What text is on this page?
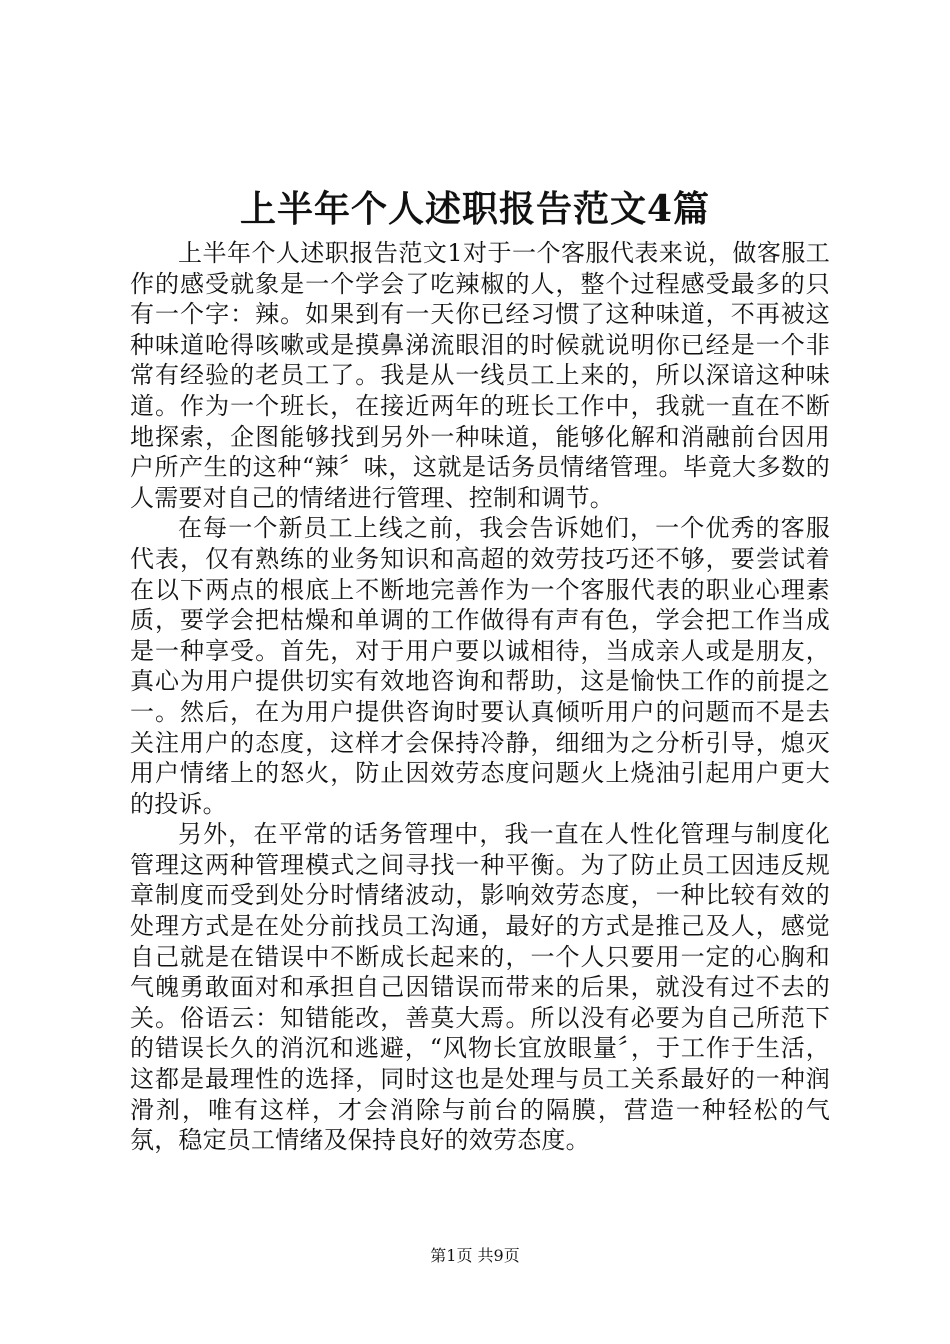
上半年个人述职报告范文4篇

上半年个人述职报告范文1对于一个客服代表来说，做客服工作的感受就象是一个学会了吃辣椒的人，整个过程感受最多的只有一个字：辣。如果到有一天你已经习惯了这种味道，不再被这种味道呛得咳嗽或是摸鼻涕流眼泪的时候就说明你已经是一个非常有经验的老员工了。我是从一线员工上来的，所以深谙这种味道。作为一个班长，在接近两年的班长工作中，我就一直在不断地探索，企图能够找到另外一种味道，能够化解和消融前台因用户所产生的这种“辣〞味，这就是话务员情绪管理。毕竟大多数的人需要对自己的情绪进行管理、控制和调节。

在每一个新员工上线之前，我会告诉她们，一个优秀的客服代表，仅有熟练的业务知识和高超的效劳技巧还不够，要尝试着在以下两点的根底上不断地完善作为一个客服代表的职业心理素质，要学会把枯燥和单调的工作做得有声有色，学会把工作当成是一种享受。首先，对于用户要以诚相待，当成亲人或是朋友，真心为用户提供切实有效地咨询和帮助，这是愉快工作的前提之一。然后，在为用户提供咨询时要认真倾听用户的问题而不是去关注用户的态度，这样才会保持冷静，细细为之分析引导，熄灭用户情绪上的怒火，防止因效劳态度问题火上烧油引起用户更大的投诉。

另外，在平常的话务管理中，我一直在人性化管理与制度化管理这两种管理模式之间寻找一种平衡。为了防止员工因违反规章制度而受到处分时情绪波动，影响效劳态度，一种比较有效的处理方式是在处分前找员工沟通，最好的方式是推己及人，感觉自己就是在错误中不断成长起来的，一个人只要用一定的心胸和气魄勇敢面对和承担自己因错误而带来的后果，就没有过不去的关。俗语云：知错能改，善莫大焉。所以没有必要为自己所范下的错误长久的消沉和逃避，“风物长宜放眼量〞，于工作于生活，这都是最理性的选择，同时这也是处理与员工关系最好的一种润滑剂，唯有这样，才会消除与前台的隔膜，营造一种轻松的气氛，稳定员工情绪及保持良好的效劳态度。

第1页 共9页
